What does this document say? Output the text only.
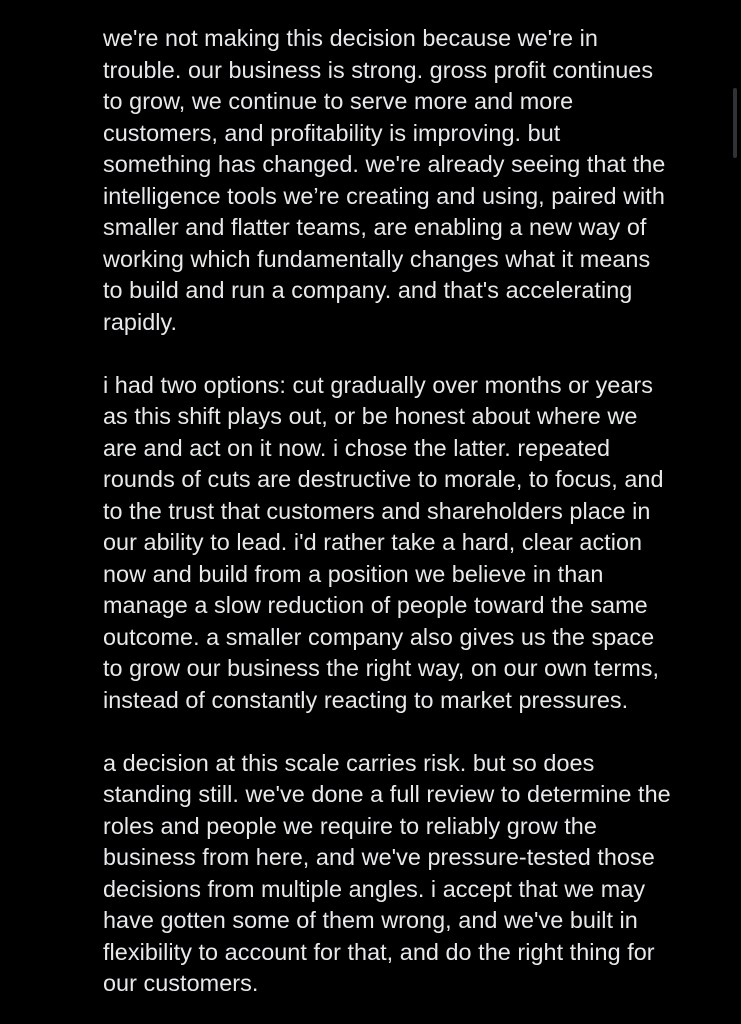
we're not making this decision because we're in
trouble. our business is strong. gross profit continues
to grow, we continue to serve more and more
customers, and profitability is improving. but
something has changed. we're already seeing that the
intelligence tools we’re creating and using, paired with
smaller and flatter teams, are enabling a new way of
working which fundamentally changes what it means
to build and run a company. and that's accelerating
rapidly.

i had two options: cut gradually over months or years
as this shift plays out, or be honest about where we
are and act on it now. i chose the latter. repeated
rounds of cuts are destructive to morale, to focus, and
to the trust that customers and shareholders place in
our ability to lead. i'd rather take a hard, clear action
now and build from a position we believe in than
manage a slow reduction of people toward the same
outcome. a smaller company also gives us the space
to grow our business the right way, on our own terms,
instead of constantly reacting to market pressures.

a decision at this scale carries risk. but so does
standing still. we've done a full review to determine the
roles and people we require to reliably grow the
business from here, and we've pressure-tested those
decisions from multiple angles. i accept that we may
have gotten some of them wrong, and we've built in
flexibility to account for that, and do the right thing for
our customers.
